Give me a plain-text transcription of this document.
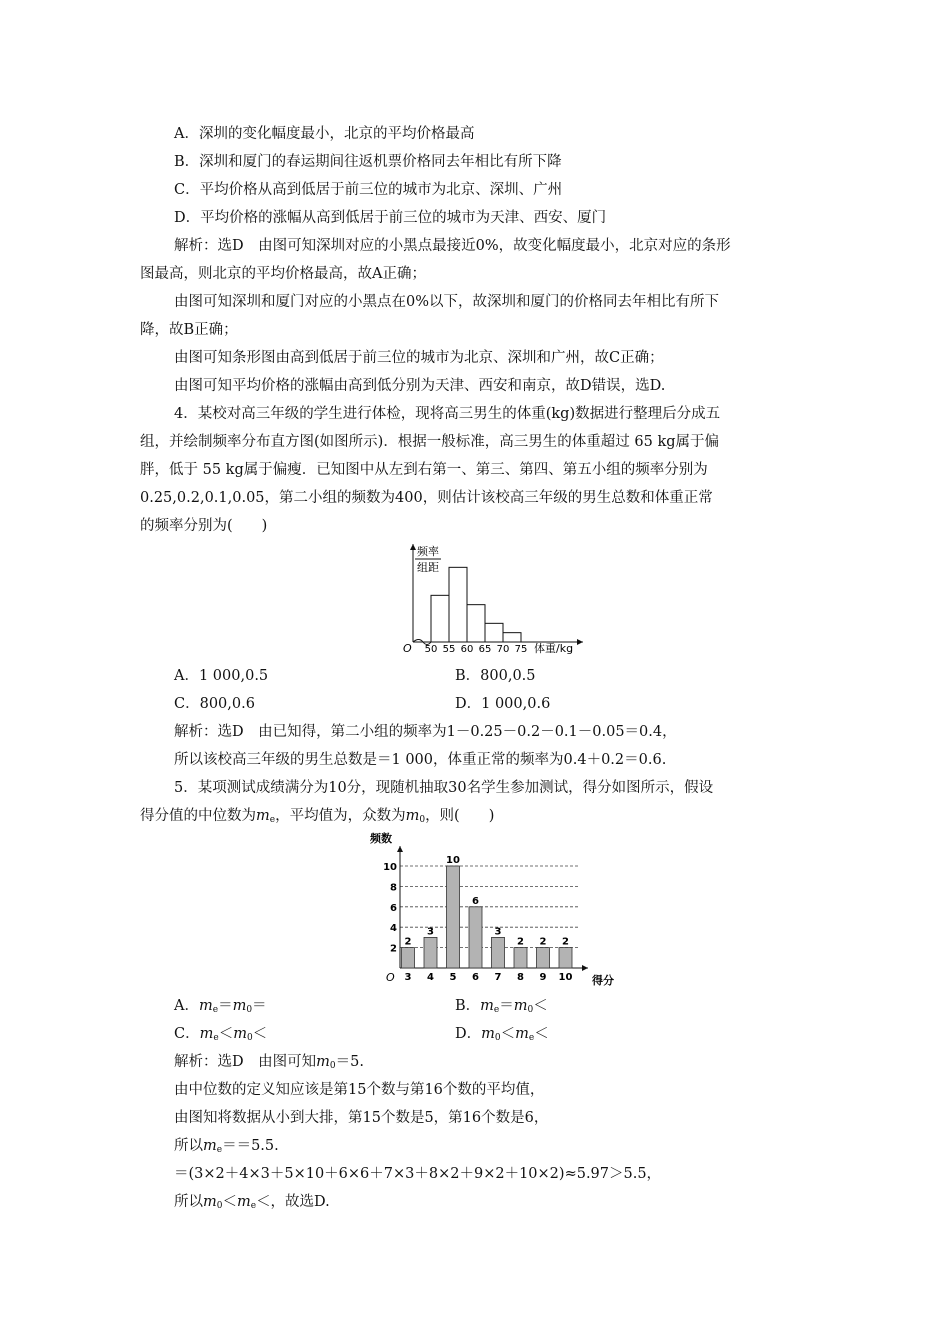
A．深圳的变化幅度最小，北京的平均价格最高
B．深圳和厦门的春运期间往返机票价格同去年相比有所下降
C．平均价格从高到低居于前三位的城市为北京、深圳、广州
D．平均价格的涨幅从高到低居于前三位的城市为天津、西安、厦门
解析：选D　由图可知深圳对应的小黑点最接近0%，故变化幅度最小，北京对应的条形
图最高，则北京的平均价格最高，故A正确；
由图可知深圳和厦门对应的小黑点在0%以下，故深圳和厦门的价格同去年相比有所下
降，故B正确；
由图可知条形图由高到低居于前三位的城市为北京、深圳和广州，故C正确；
由图可知平均价格的涨幅由高到低分别为天津、西安和南京，故D错误，选D.
4．某校对高三年级的学生进行体检，现将高三男生的体重(kg)数据进行整理后分成五
组，并绘制频率分布直方图(如图所示)．根据一般标准，高三男生的体重超过 65 kg属于偏
胖，低于 55 kg属于偏瘦．已知图中从左到右第一、第三、第四、第五小组的频率分别为
0.25,0.2,0.1,0.05，第二小组的频数为400，则估计该校高三年级的男生总数和体重正常
的频率分别为(　　)
50 55 60 65 70 75
频率
组距
O	体重/kg
A．1 000,0.5	B．800,0.5
C．800,0.6	D．1 000,0.6
解析：选D　由已知得，第二小组的频率为1－0.25－0.2－0.1－0.05＝0.4，
所以该校高三年级的男生总数是＝1 000，体重正常的频率为0.4＋0.2＝0.6.
5．某项测试成绩满分为10分，现随机抽取30名学生参加测试，得分如图所示，假设
得分值的中位数为$m_e$，平均值为，众数为$m_0$，则(　　)
2
3
10
6
3
2 2 2
3 4 5 6 7 8 9 10
2
4
6
8
10
频数
O	得分
A．$m_e=m_0=$	B．$m_e=m_0<$
C．$m_e<m_0<$	D．$m_0<m_e<$
解析：选D　由图可知$m_0=5$.
由中位数的定义知应该是第15个数与第16个数的平均值，
由图知将数据从小到大排，第15个数是5，第16个数是6，
所以$m_e==5.5$.
＝(3×2＋4×3＋5×10＋6×6＋7×3＋8×2＋9×2＋10×2)≈5.97＞5.5，
所以$m_0<m_e<$，故选D.
